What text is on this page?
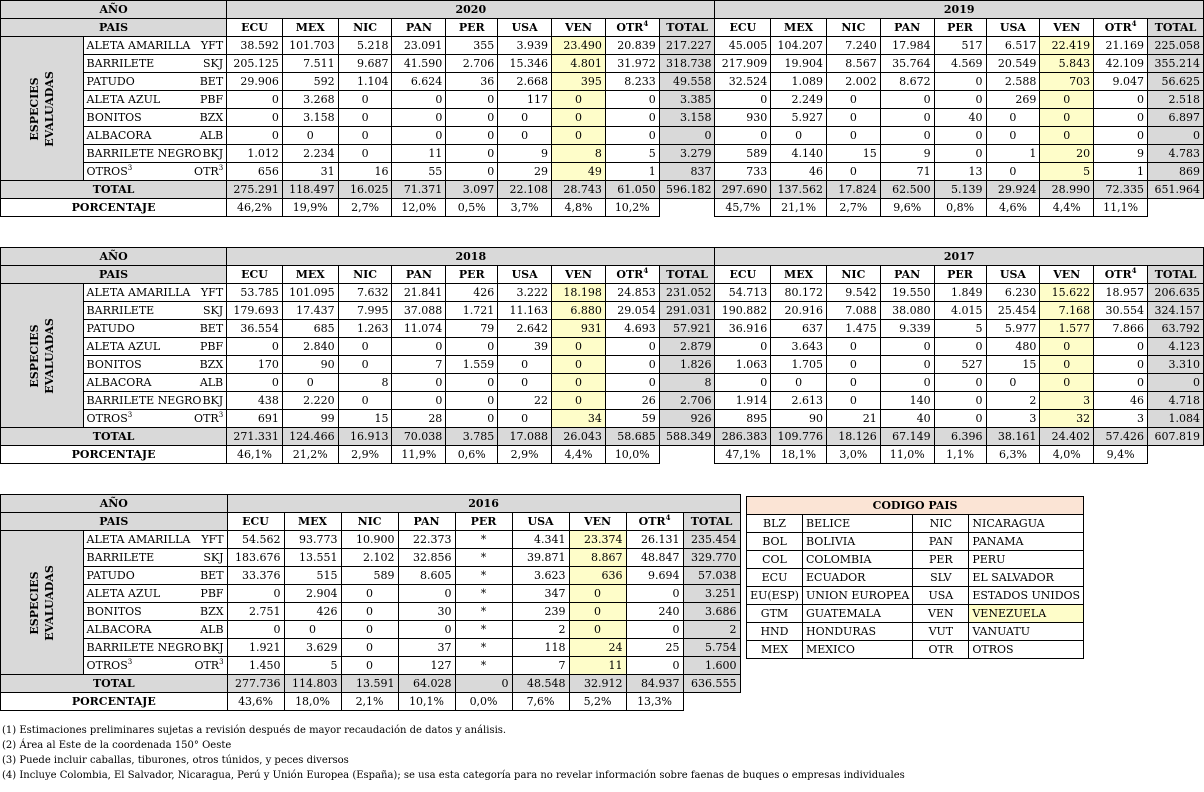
AÑO		2020									2019								
PAIS		ECU	MEX	NIC	PAN	PER	USA	VEN	OTR$^4$	TOTAL	ECU	MEX	NIC	PAN	PER	USA	VEN	OTR$^4$	TOTAL
ESPECIES EVALUADAS	ALETA AMARILLA YFT	38.592	101.703	5.218	23.091	355	3.939	23.490	20.839	217.227	45.005	104.207	7.240	17.984	517	6.517	22.419	21.169	225.058

	BARRILETE SKJ	205.125	7.511	9.687	41.590	2.706	15.346	4.801	31.972	318.738	217.909	19.904	8.567	35.764	4.569	20.549	5.843	42.109	355.214

	PATUDO BET	29.906	592	1.104	6.624	36	2.668	395	8.233	49.558	32.524	1.089	2.002	8.672	0	2.588	703	9.047	56.625

	ALETA AZUL PBF	0	3.268	0	0	0	117	0	0	3.385	0	2.249	0	0	0	269	0	0	2.518

	BONITOS BZX	0	3.158	0	0	0	0	0	0	3.158	930	5.927	0	0	40	0	0	0	6.897

	ALBACORA ALB	0	0	0	0	0	0	0	0	0	0	0	0	0	0	0	0	0	0

	BARRILETE NEGRO BKJ	1.012	2.234	0	11	0	9	8	5	3.279	589	4.140	15	9	0	1	20	9	4.783

	OTROS$^3$ OTR$^3$	656	31	16	55	0	29	49	1	837	733	46	0	71	13	0	5	1	869
TOTAL		275.291	118.497	16.025	71.371	3.097	22.108	28.743	61.050	596.182	297.690	137.562	17.824	62.500	5.139	29.924	28.990	72.335	651.964
PORCENTAJE		46,2%	19,9%	2,7%	12,0%	0,5%	3,7%	4,8%	10,2%		45,7%	21,1%	2,7%	9,6%	0,8%	4,6%	4,4%	11,1%	
AÑO		2018									2017								
PAIS		ECU	MEX	NIC	PAN	PER	USA	VEN	OTR$^4$	TOTAL	ECU	MEX	NIC	PAN	PER	USA	VEN	OTR$^4$	TOTAL
ESPECIES EVALUADAS	ALETA AMARILLA YFT	53.785	101.095	7.632	21.841	426	3.222	18.198	24.853	231.052	54.713	80.172	9.542	19.550	1.849	6.230	15.622	18.957	206.635

	BARRILETE SKJ	179.693	17.437	7.995	37.088	1.721	11.163	6.880	29.054	291.031	190.882	20.916	7.088	38.080	4.015	25.454	7.168	30.554	324.157

	PATUDO BET	36.554	685	1.263	11.074	79	2.642	931	4.693	57.921	36.916	637	1.475	9.339	5	5.977	1.577	7.866	63.792

	ALETA AZUL PBF	0	2.840	0	0	0	39	0	0	2.879	0	3.643	0	0	0	480	0	0	4.123

	BONITOS BZX	170	90	0	7	1.559	0	0	0	1.826	1.063	1.705	0	0	527	15	0	0	3.310

	ALBACORA ALB	0	0	8	0	0	0	0	0	8	0	0	0	0	0	0	0	0	0

	BARRILETE NEGRO BKJ	438	2.220	0	0	0	22	0	26	2.706	1.914	2.613	0	140	0	2	3	46	4.718

	OTROS$^3$ OTR$^3$	691	99	15	28	0	0	34	59	926	895	90	21	40	0	3	32	3	1.084
TOTAL		271.331	124.466	16.913	70.038	3.785	17.088	26.043	58.685	588.349	286.383	109.776	18.126	67.149	6.396	38.161	24.402	57.426	607.819
PORCENTAJE		46,1%	21,2%	2,9%	11,9%	0,6%	2,9%	4,4%	10,0%		47,1%	18,1%	3,0%	11,0%	1,1%	6,3%	4,0%	9,4%	
AÑO		2016								
PAIS		ECU	MEX	NIC	PAN	PER	USA	VEN	OTR$^4$	TOTAL
ESPECIES EVALUADAS	ALETA AMARILLA YFT	54.562	93.773	10.900	22.373	*	4.341	23.374	26.131	235.454

	BARRILETE SKJ	183.676	13.551	2.102	32.856	*	39.871	8.867	48.847	329.770

	PATUDO BET	33.376	515	589	8.605	*	3.623	636	9.694	57.038

	ALETA AZUL PBF	0	2.904	0	0	*	347	0	0	3.251

	BONITOS BZX	2.751	426	0	30	*	239	0	240	3.686

	ALBACORA ALB	0	0	0	0	*	2	0	0	2

	BARRILETE NEGRO BKJ	1.921	3.629	0	37	*	118	24	25	5.754

	OTROS$^3$ OTR$^3$	1.450	5	0	127	*	7	11	0	1.600
TOTAL		277.736	114.803	13.591	64.028	0	48.548	32.912	84.937	636.555
PORCENTAJE		43,6%	18,0%	2,1%	10,1%	0,0%	7,6%	5,2%	13,3%	
CODIGO PAIS			
BLZ	BELICE	NIC	NICARAGUA
BOL	BOLIVIA	PAN	PANAMA
COL	COLOMBIA	PER	PERU
ECU	ECUADOR	SLV	EL SALVADOR
EU(ESP)	UNION EUROPEA	USA	ESTADOS UNIDOS
GTM	GUATEMALA	VEN	VENEZUELA
HND	HONDURAS	VUT	VANUATU
MEX	MEXICO	OTR	OTROS
(1) Estimaciones preliminares sujetas a revisión después de mayor recaudación de datos y análisis.
(2) Área al Este de la coordenada 150° Oeste
(3) Puede incluir caballas, tiburones, otros túnidos, y peces diversos
(4) Incluye Colombia, El Salvador, Nicaragua, Perú y Unión Europea (España); se usa esta categoría para no revelar información sobre faenas de buques o empresas individuales
